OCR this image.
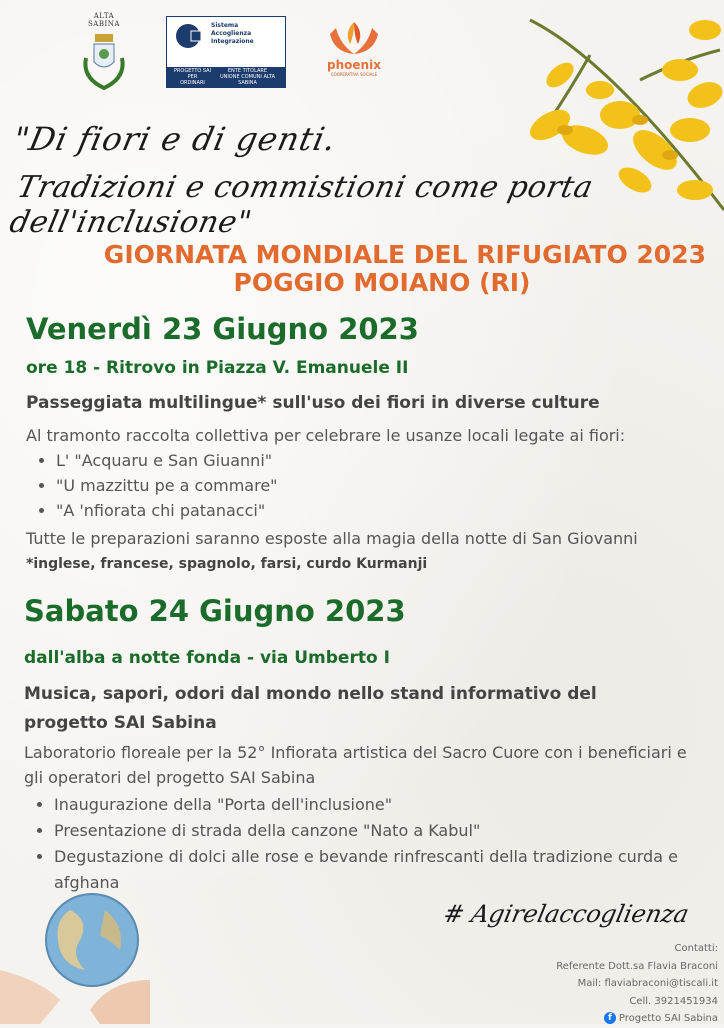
ALTA SABINA	Sistema
Accoglienza
Integrazione
PROGETTO SAI PER
ORDINARI
ENTE TITOLARE
UNIONE COMUNI ALTA SABINA
phoenix
COOPERATIVA SOCIALE
"Di fiori e di genti.
Tradizioni e commistioni come porta dell'inclusione"
GIORNATA MONDIALE DEL RIFUGIATO 2023
POGGIO MOIANO (RI)
Venerdì 23 Giugno 2023
ore 18 - Ritrovo in Piazza V. Emanuele II
Passeggiata multilingue* sull'uso dei fiori in diverse culture
Al tramonto raccolta collettiva per celebrare le usanze locali legate ai fiori:
• L' "Acquaru e San Giuanni"
• "U mazzittu pe a commare"
• "A 'nfiorata chi patanacci"
Tutte le preparazioni saranno esposte alla magia della notte di San Giovanni
*inglese, francese, spagnolo, farsi, curdo Kurmanji
Sabato 24 Giugno 2023
dall'alba a notte fonda - via Umberto I
Musica, sapori, odori dal mondo nello stand informativo del progetto SAI Sabina
Laboratorio floreale per la 52° Infiorata artistica del Sacro Cuore con i beneficiari e gli operatori del progetto SAI Sabina
• Inaugurazione della "Porta dell'inclusione"
• Presentazione di strada della canzone "Nato a Kabul"
• Degustazione di dolci alle rose e bevande rinfrescanti della tradizione curda e afghana
# Agirelaccoglienza
Contatti:
Referente Dott.sa Flavia Braconi
Mail: flaviabraconi@tiscali.it
Cell. 3921451934
f Progetto SAI Sabina
